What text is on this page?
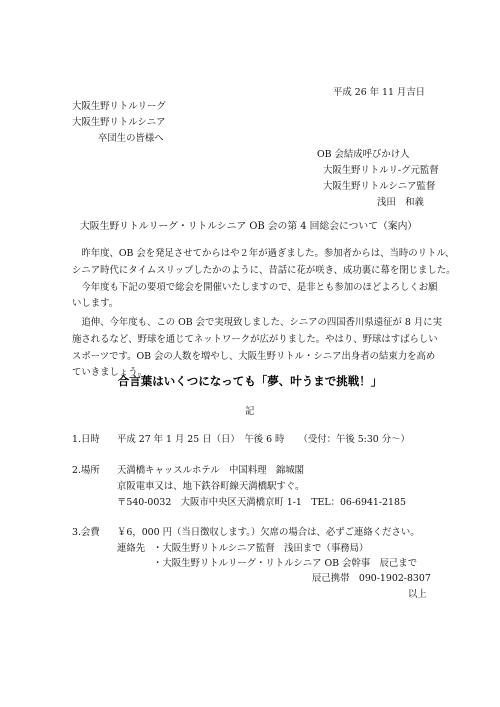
平成 26 年 11 月吉日
大阪生野リトルリーグ
大阪生野リトルシニア
卒団生の皆様へ
OB 会結成呼びかけ人
大阪生野リトルリ-グ元監督
大阪生野リトルシニア監督
浅田　和義
大阪生野リトルリーグ・リトルシニア OB 会の第 4 回総会について（案内）
　昨年度、OB 会を発足させてからはや２年が過ぎました。参加者からは、当時のリトル、
シニア時代にタイムスリップしたかのように、昔話に花が咲き、成功裏に幕を閉じました。
　今年度も下記の要項で総会を開催いたしますので、是非とも参加のほどよろしくお願
いします。
　追伸、今年度も、この OB 会で実現致しました、シニアの四国香川県遠征が 8 月に実
施されるなど、野球を通じてネットワークが広がりました。やはり、野球はすばらしい
スポーツです。OB 会の人数を増やし、大阪生野リトル・シニア出身者の結束力を高め
ていきましょう。
合言葉はいくつになっても「夢、叶うまで挑戦！」
記
1.日時 平成 27 年 1 月 25 日（日）　午後 6 時　　（受付：午後 5:30 分～）
2.場所 天満橋キャッスルホテル　中国料理　錦城閣
京阪電車又は、地下鉄谷町線天満橋駅すぐ。
〒540-0032　大阪市中央区天満橋京町 1-1　TEL：06-6941-2185
3.会費 ￥6，000 円（当日徴収します。）欠席の場合は、必ずご連絡ください。
連絡先 ・大阪生野リトルシニア監督　浅田まで（事務局）
・大阪生野リトルリーグ・リトルシニア OB 会幹事　辰己まで
辰己携帯　090-1902-8307
以上
